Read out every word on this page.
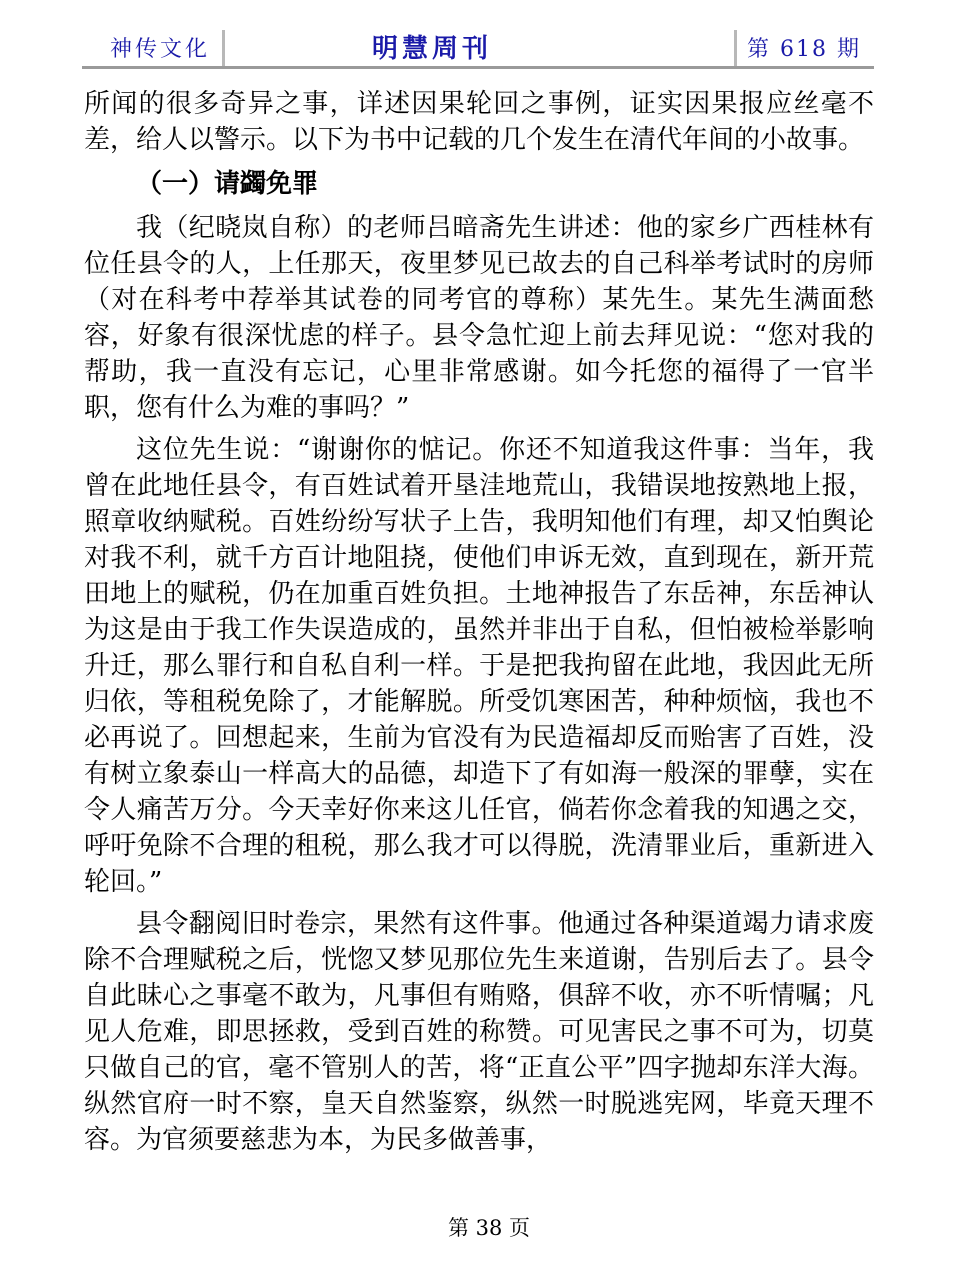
神传文化	明慧周刊	第 618 期

所闻的很多奇异之事，详述因果轮回之事例，证实因果报应丝毫不差，给人以警示。以下为书中记载的几个发生在清代年间的小故事。

（一）请蠲免罪

我（纪晓岚自称）的老师吕暗斋先生讲述：他的家乡广西桂林有位任县令的人，上任那天，夜里梦见已故去的自己科举考试时的房师（对在科考中荐举其试卷的同考官的尊称）某先生。某先生满面愁容，好象有很深忧虑的样子。县令急忙迎上前去拜见说：“您对我的帮助，我一直没有忘记，心里非常感谢。如今托您的福得了一官半职，您有什么为难的事吗？”

这位先生说：“谢谢你的惦记。你还不知道我这件事：当年，我曾在此地任县令，有百姓试着开垦洼地荒山，我错误地按熟地上报，照章收纳赋税。百姓纷纷写状子上告，我明知他们有理，却又怕舆论对我不利，就千方百计地阻挠，使他们申诉无效，直到现在，新开荒田地上的赋税，仍在加重百姓负担。土地神报告了东岳神，东岳神认为这是由于我工作失误造成的，虽然并非出于自私，但怕被检举影响升迁，那么罪行和自私自利一样。于是把我拘留在此地，我因此无所归依，等租税免除了，才能解脱。所受饥寒困苦，种种烦恼，我也不必再说了。回想起来，生前为官没有为民造福却反而贻害了百姓，没有树立象泰山一样高大的品德，却造下了有如海一般深的罪孽，实在令人痛苦万分。今天幸好你来这儿任官，倘若你念着我的知遇之交，呼吁免除不合理的租税，那么我才可以得脱，洗清罪业后，重新进入轮回。”

县令翻阅旧时卷宗，果然有这件事。他通过各种渠道竭力请求废除不合理赋税之后，恍惚又梦见那位先生来道谢，告别后去了。县令自此昧心之事毫不敢为，凡事但有贿赂，俱辞不收，亦不听情嘱；凡见人危难，即思拯救，受到百姓的称赞。可见害民之事不可为，切莫只做自己的官，毫不管别人的苦，将“正直公平”四字抛却东洋大海。纵然官府一时不察，皇天自然鉴察，纵然一时脱逃宪网，毕竟天理不容。为官须要慈悲为本，为民多做善事，

第 38 页
